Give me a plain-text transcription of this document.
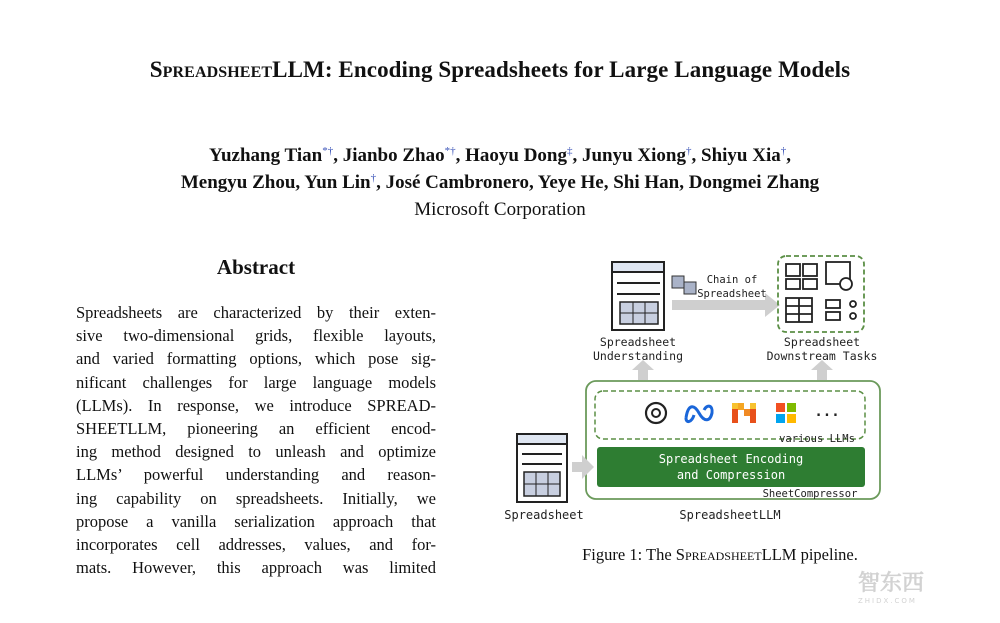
SpreadsheetLLM: Encoding Spreadsheets for Large Language Models
Yuzhang Tian*†, Jianbo Zhao*†, Haoyu Dong‡, Junyu Xiong†, Shiyu Xia†,
Mengyu Zhou, Yun Lin†, José Cambronero, Yeye He, Shi Han, Dongmei Zhang
Microsoft Corporation
Abstract
Spreadsheets are characterized by their exten-
sive two-dimensional grids, flexible layouts,
and varied formatting options, which pose sig-
nificant challenges for large language models
(LLMs). In response, we introduce SPREAD-
SHEETLLM, pioneering an efficient encod-
ing method designed to unleash and optimize
LLMs’ powerful understanding and reason-
ing capability on spreadsheets. Initially, we
propose a vanilla serialization approach that
incorporates cell addresses, values, and for-
mats. However, this approach was limited
Chain of
Spreadsheet
Spreadsheet
Understanding
Spreadsheet
Downstream Tasks
...
various LLMs
Spreadsheet Encoding
and Compression
SheetCompressor
Spreadsheet	SpreadsheetLLM
Figure 1: The SpreadsheetLLM pipeline.
智东西
ZHIDX.COM
